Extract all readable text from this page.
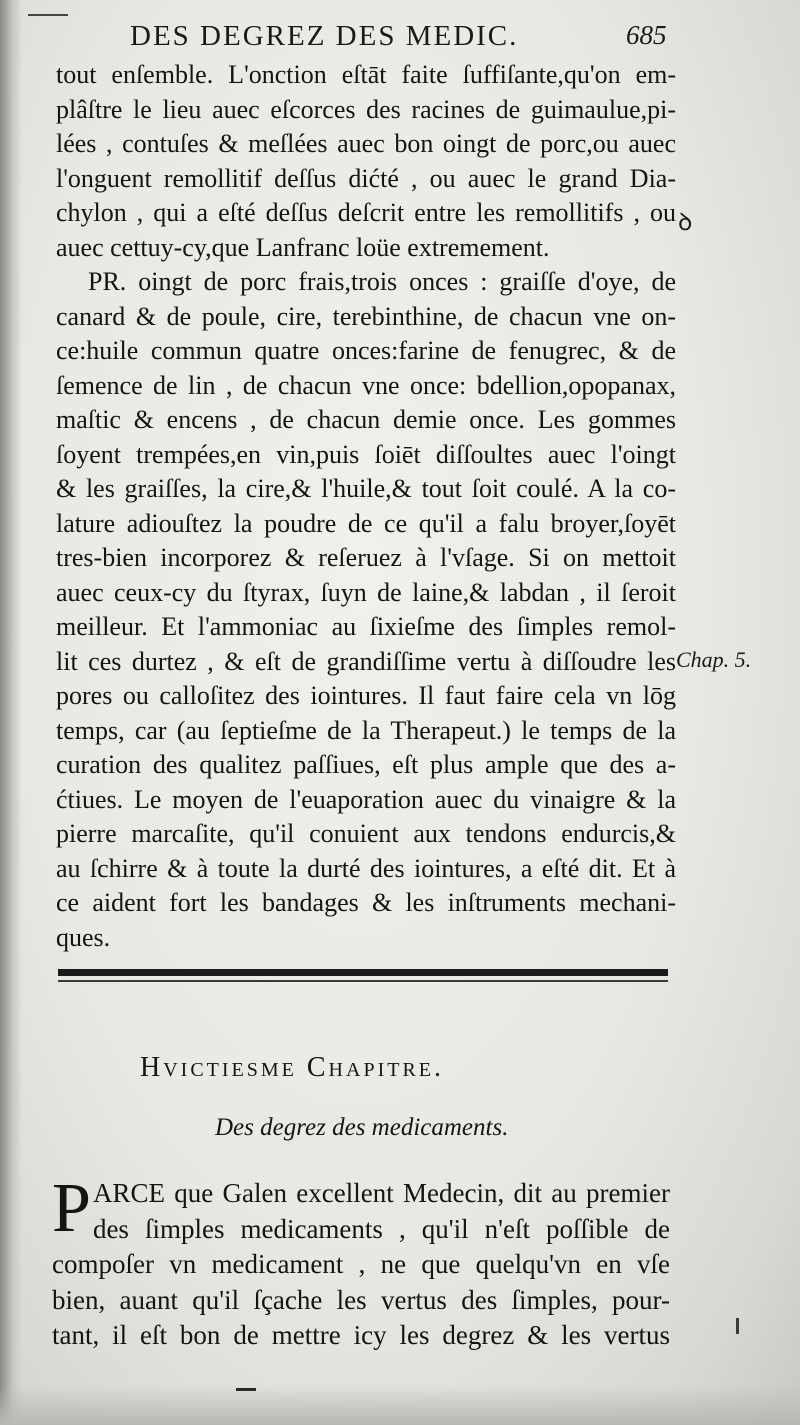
DES DEGREZ DES MEDIC.	685
tout enſemble. L'onction eſtāt faite ſuffiſante,qu'on em-
plâſtre le lieu auec eſcorces des racines de guimaulue,pi-
lées , contuſes & meſlées auec bon oingt de porc,ou auec
l'onguent remollitif deſſus dićté , ou auec le grand Dia-
chylon , qui a eſté deſſus deſcrit entre les remollitifs , ou
auec cettuy-cy,que Lanfranc loüe extremement.
PR. oingt de porc frais,trois onces : graiſſe d'oye, de
canard & de poule, cire, terebinthine, de chacun vne on-
ce:huile commun quatre onces:farine de fenugrec, & de
ſemence de lin , de chacun vne once: bdellion,opopanax,
maſtic & encens , de chacun demie once. Les gommes
ſoyent trempées,en vin,puis ſoiēt diſſoultes auec l'oingt
& les graiſſes, la cire,& l'huile,& tout ſoit coulé. A la co-
lature adiouſtez la poudre de ce qu'il a falu broyer,ſoyēt
tres-bien incorporez & reſeruez à l'vſage. Si on mettoit
auec ceux-cy du ſtyrax, ſuyn de laine,& labdan , il ſeroit
meilleur. Et l'ammoniac au ſixieſme des ſimples remol-
lit ces durtez , & eſt de grandiſſime vertu à diſſoudre les
pores ou calloſitez des iointures. Il faut faire cela vn lōg
temps, car (au ſeptieſme de la Therapeut.) le temps de la
curation des qualitez paſſiues, eſt plus ample que des a-
ćtiues. Le moyen de l'euaporation auec du vinaigre & la
pierre marcaſite, qu'il conuient aux tendons endurcis,&
au ſchirre & à toute la durté des iointures, a eſté dit. Et à
ce aident fort les bandages & les inſtruments mechani-
ques.
ꝺ
Chap. 5.
Hvictiesme Chapitre.
Des degrez des medicaments.
P ARCE que Galen excellent Medecin, dit au premier
des ſimples medicaments , qu'il n'eſt poſſible de
compoſer vn medicament , ne que quelqu'vn en vſe
bien, auant qu'il ſçache les vertus des ſimples, pour-
tant, il eſt bon de mettre icy les degrez & les vertus
